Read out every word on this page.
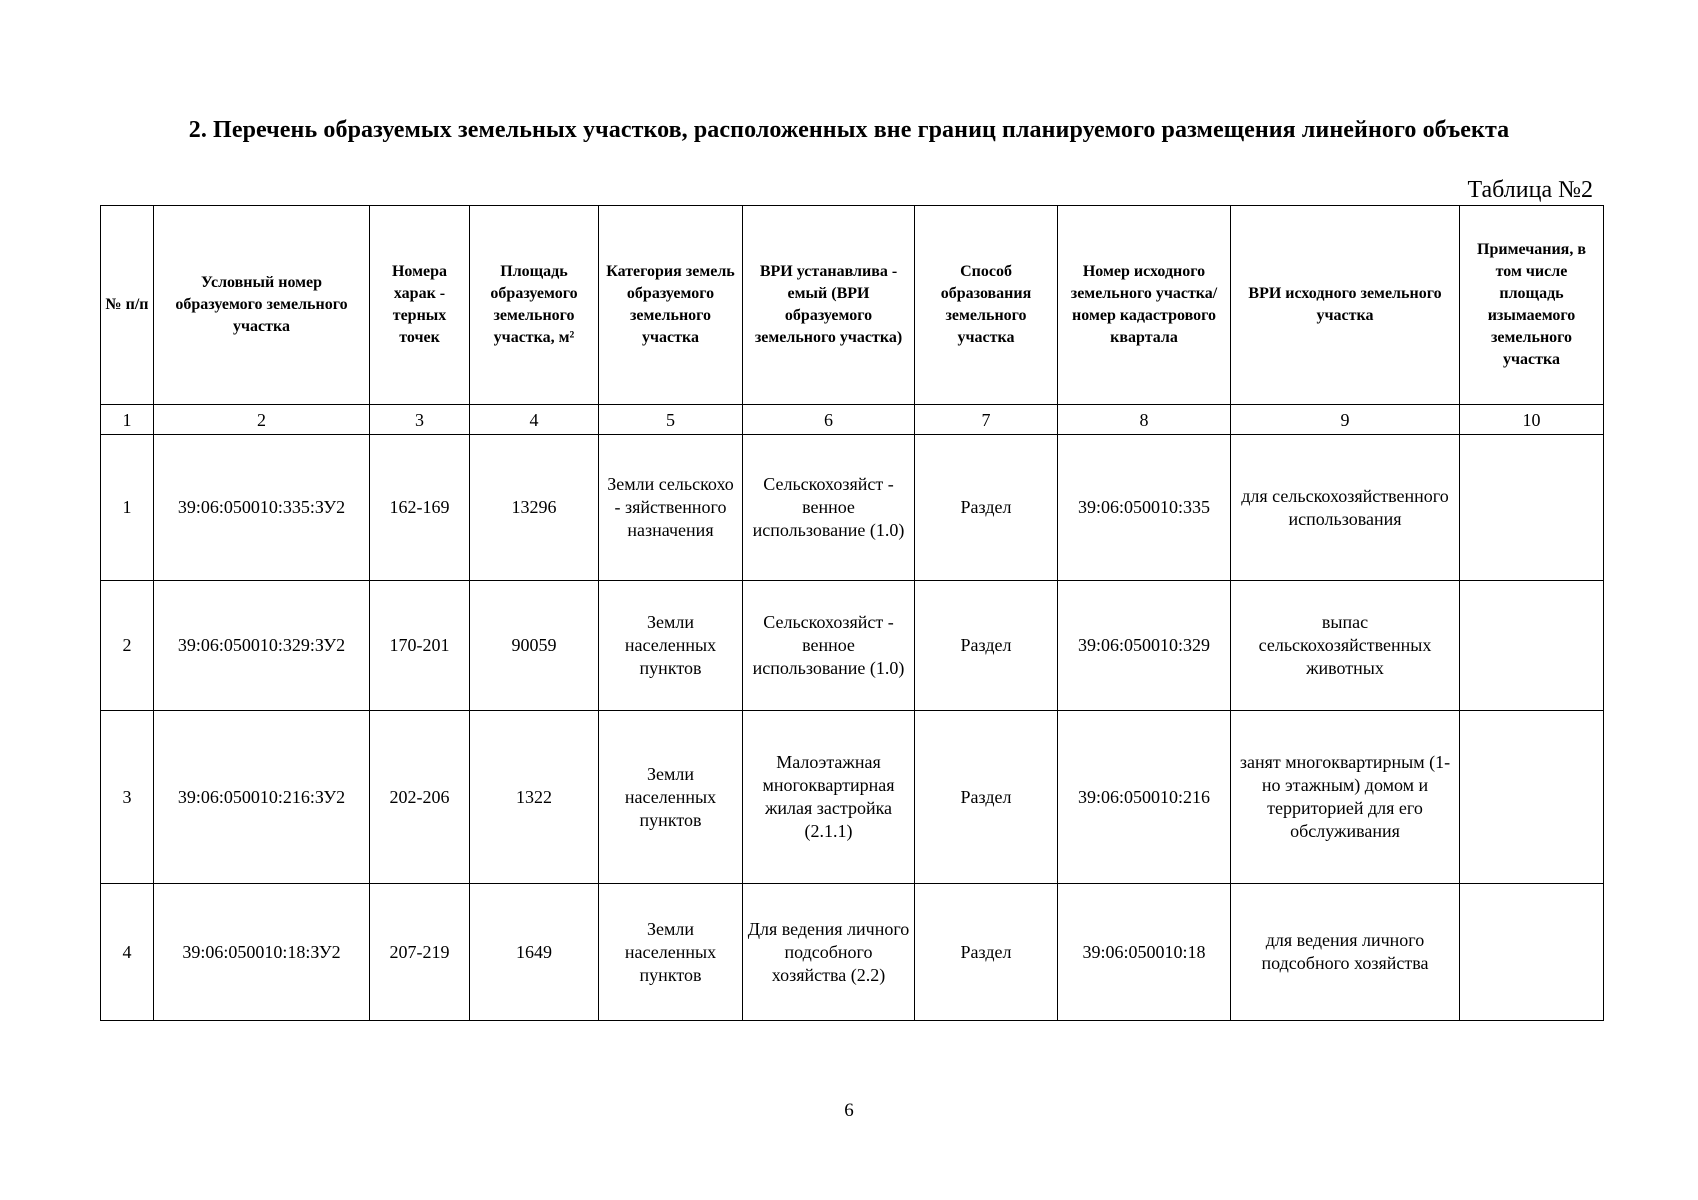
2. Перечень образуемых земельных участков, расположенных вне границ планируемого размещения линейного объекта
Таблица №2
№ п/п	Условный номер образуемого земельного участка	Номера харак - терных точек	Площадь образуемого земельного участка, м²	Категория земель образуемого земельного участка	ВРИ устанавлива - емый (ВРИ образуемого земельного участка)	Способ образования земельного участка	Номер исходного земельного участка/ номер кадастрового квартала	ВРИ исходного земельного участка	Примечания, в том числе площадь изымаемого земельного участка
1	2	3	4	5	6	7	8	9	10
1	39:06:050010:335:ЗУ2	162-169	13296	Земли сельскохо - зяйственного назначения	Сельскохозяйст - венное использование (1.0)	Раздел	39:06:050010:335	для сельскохозяйственного использования	
2	39:06:050010:329:ЗУ2	170-201	90059	Земли населенных пунктов	Сельскохозяйст - венное использование (1.0)	Раздел	39:06:050010:329	выпас сельскохозяйственных животных	
3	39:06:050010:216:ЗУ2	202-206	1322	Земли населенных пунктов	Малоэтажная многоквартирная жилая застройка (2.1.1)	Раздел	39:06:050010:216	занят многоквартирным (1-но этажным) домом и территорией для его обслуживания	
4	39:06:050010:18:ЗУ2	207-219	1649	Земли населенных пунктов	Для ведения личного подсобного хозяйства (2.2)	Раздел	39:06:050010:18	для ведения личного подсобного хозяйства	
6
